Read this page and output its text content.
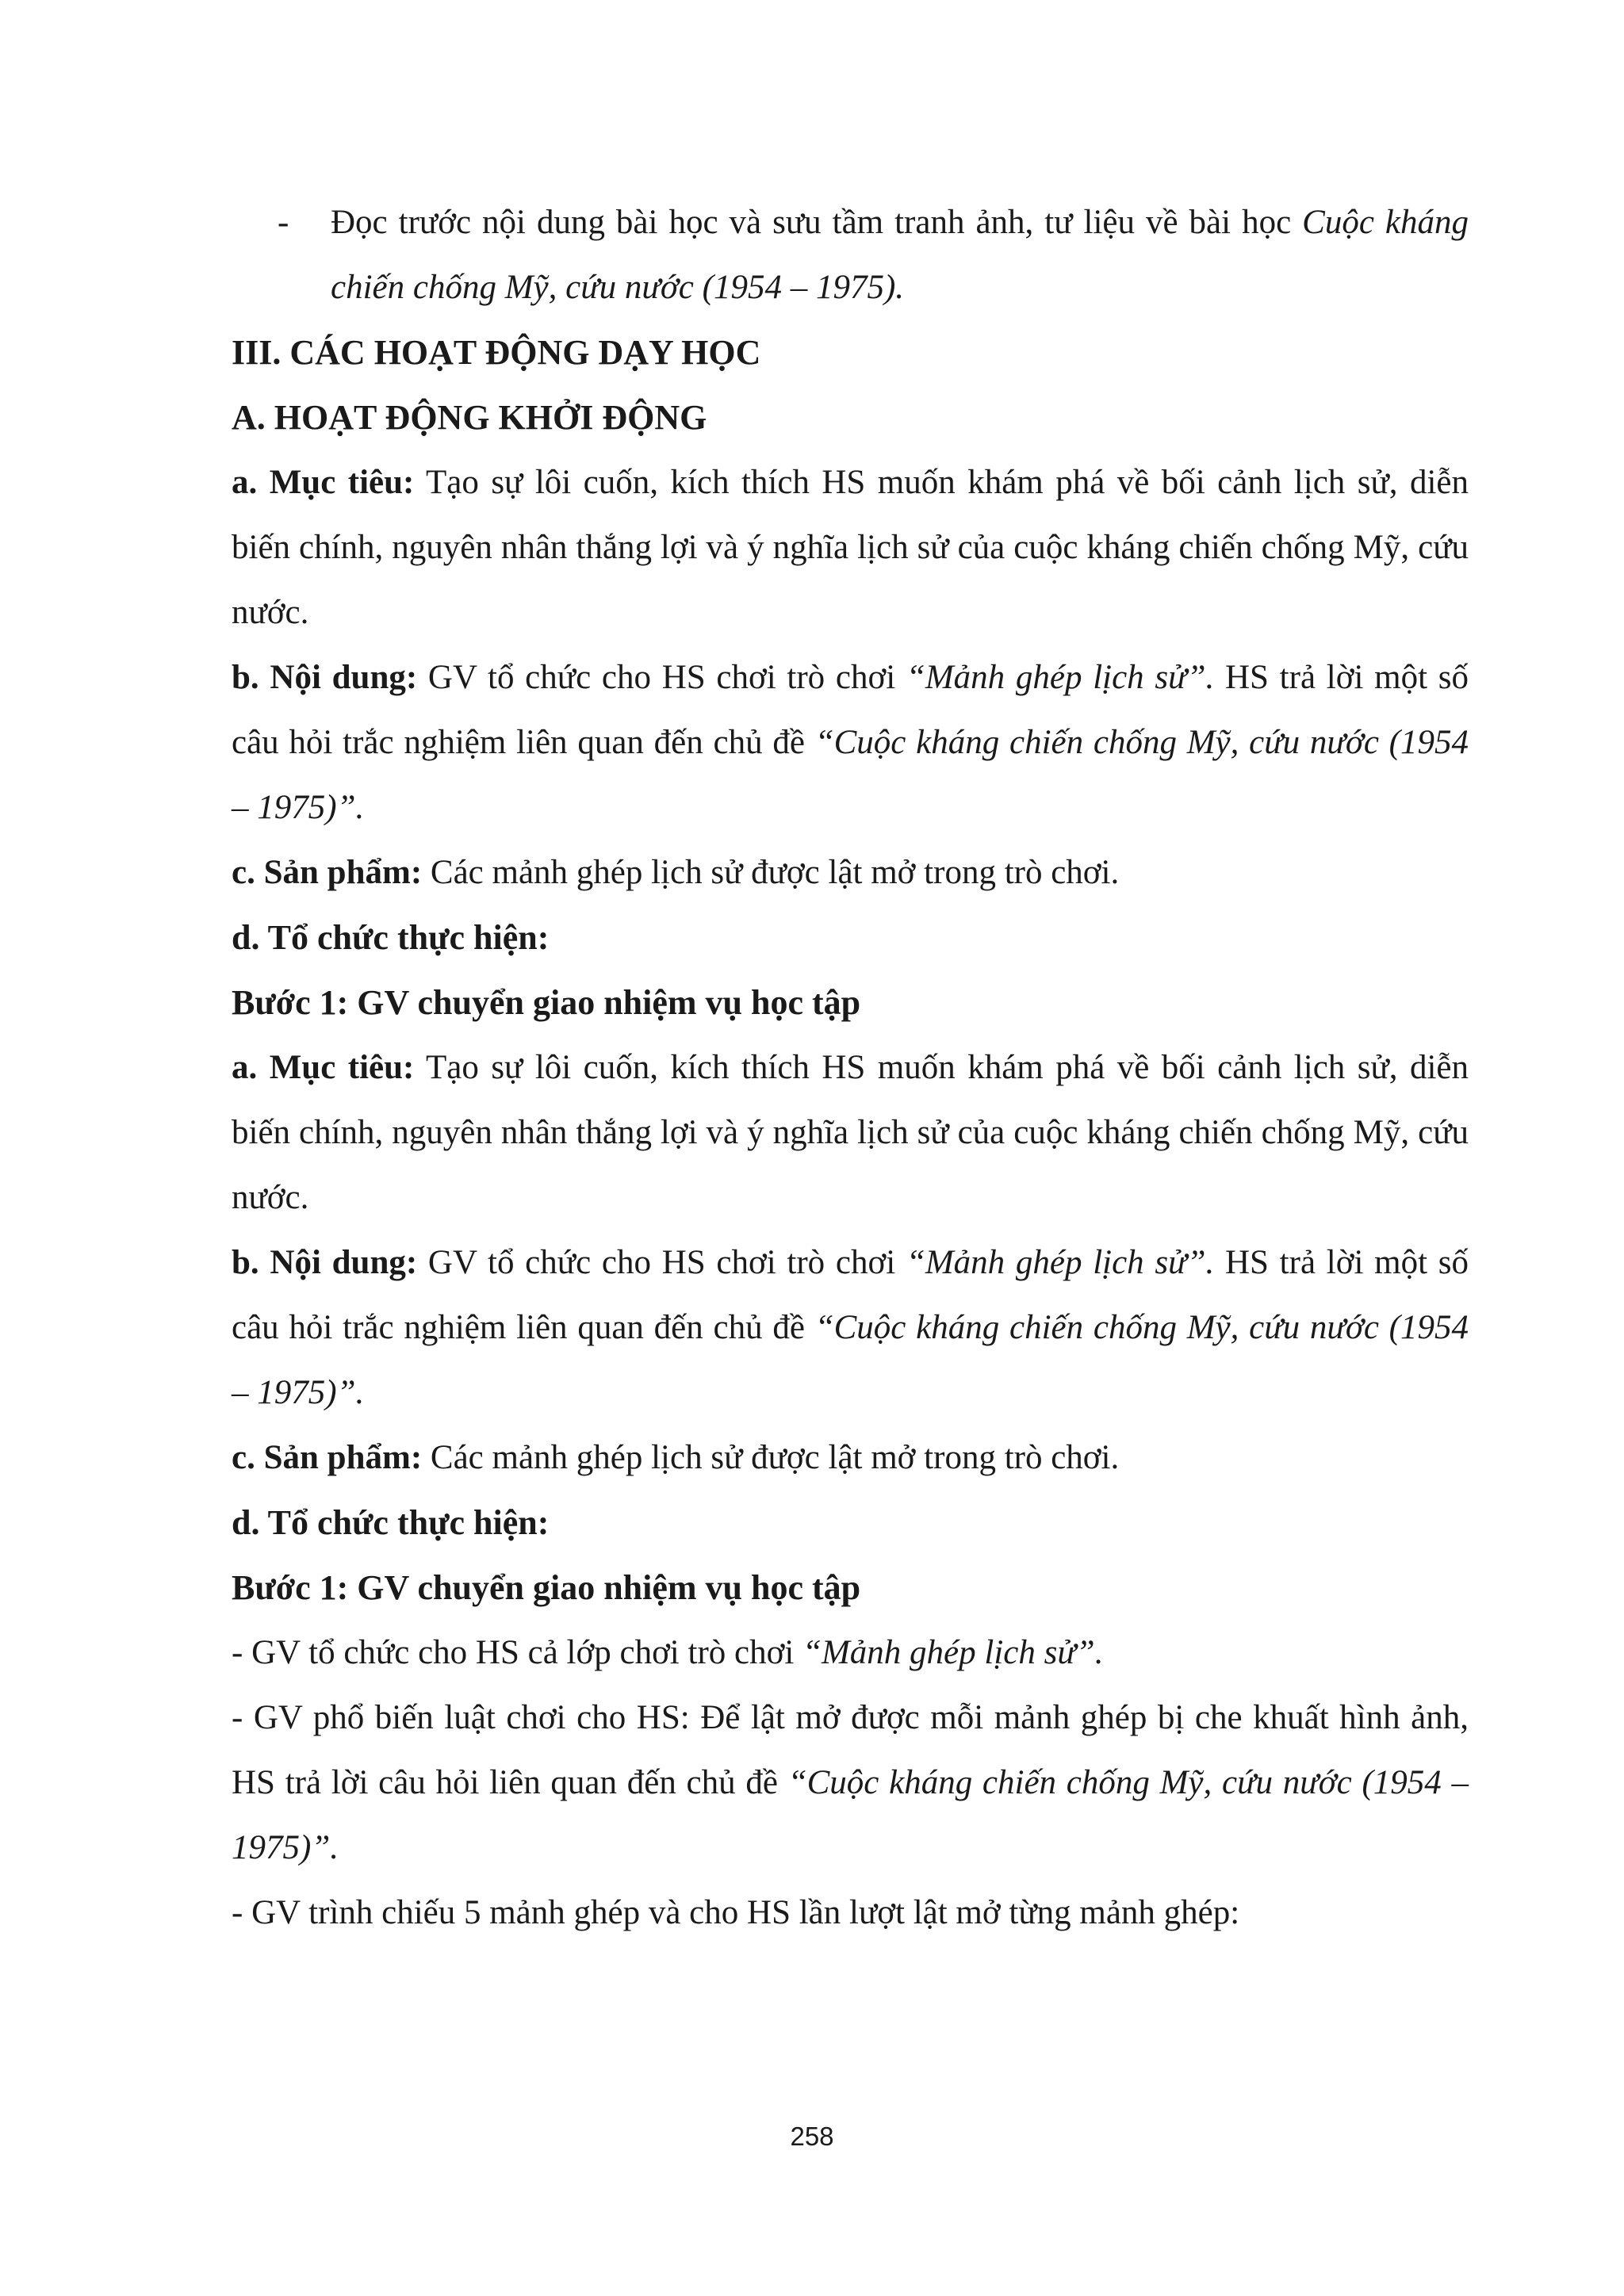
- Đọc trước nội dung bài học và sưu tầm tranh ảnh, tư liệu về bài học Cuộc kháng chiến chống Mỹ, cứu nước (1954 – 1975).

III. CÁC HOẠT ĐỘNG DẠY HỌC

A. HOẠT ĐỘNG KHỞI ĐỘNG

a. Mục tiêu: Tạo sự lôi cuốn, kích thích HS muốn khám phá về bối cảnh lịch sử, diễn biến chính, nguyên nhân thắng lợi và ý nghĩa lịch sử của cuộc kháng chiến chống Mỹ, cứu nước.

b. Nội dung: GV tổ chức cho HS chơi trò chơi “Mảnh ghép lịch sử”. HS trả lời một số câu hỏi trắc nghiệm liên quan đến chủ đề “Cuộc kháng chiến chống Mỹ, cứu nước (1954 – 1975)”.

c. Sản phẩm: Các mảnh ghép lịch sử được lật mở trong trò chơi.

d. Tổ chức thực hiện:

Bước 1: GV chuyển giao nhiệm vụ học tập

a. Mục tiêu: Tạo sự lôi cuốn, kích thích HS muốn khám phá về bối cảnh lịch sử, diễn biến chính, nguyên nhân thắng lợi và ý nghĩa lịch sử của cuộc kháng chiến chống Mỹ, cứu nước.

b. Nội dung: GV tổ chức cho HS chơi trò chơi “Mảnh ghép lịch sử”. HS trả lời một số câu hỏi trắc nghiệm liên quan đến chủ đề “Cuộc kháng chiến chống Mỹ, cứu nước (1954 – 1975)”.

c. Sản phẩm: Các mảnh ghép lịch sử được lật mở trong trò chơi.

d. Tổ chức thực hiện:

Bước 1: GV chuyển giao nhiệm vụ học tập

- GV tổ chức cho HS cả lớp chơi trò chơi “Mảnh ghép lịch sử”.

- GV phổ biến luật chơi cho HS: Để lật mở được mỗi mảnh ghép bị che khuất hình ảnh, HS trả lời câu hỏi liên quan đến chủ đề “Cuộc kháng chiến chống Mỹ, cứu nước (1954 – 1975)”.

- GV trình chiếu 5 mảnh ghép và cho HS lần lượt lật mở từng mảnh ghép:

258
